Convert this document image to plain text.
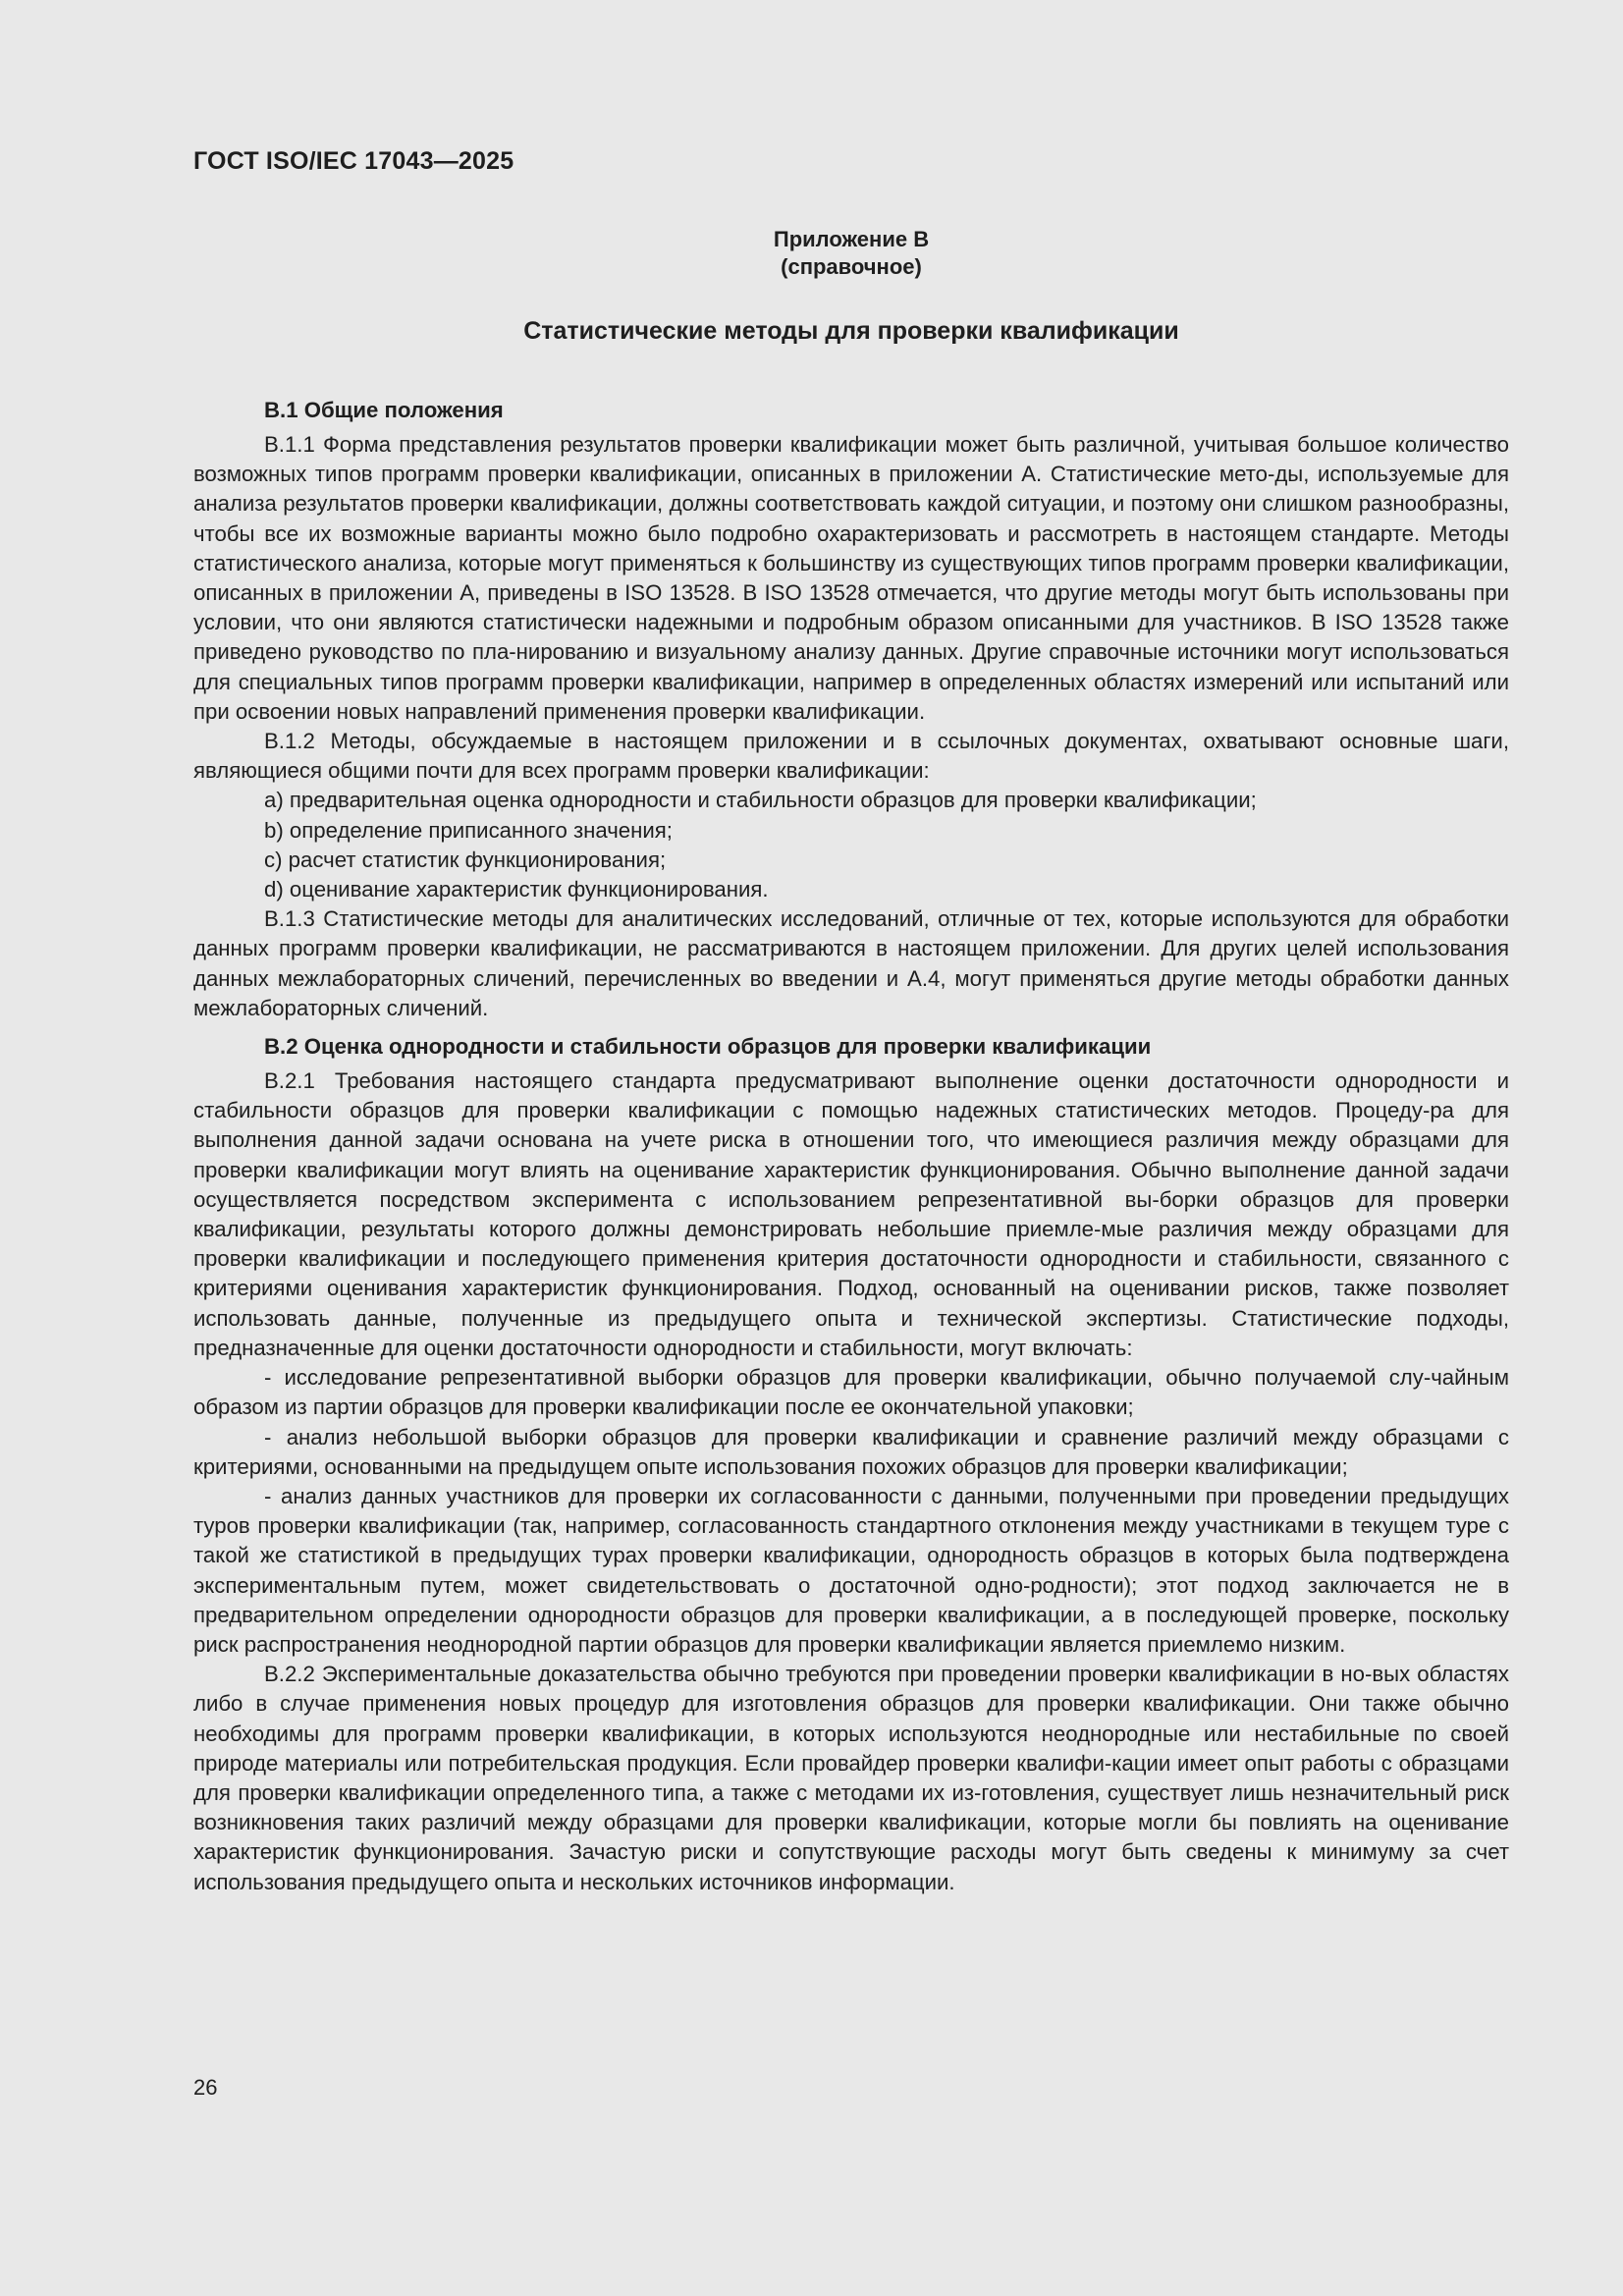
ГОСТ ISO/IEC 17043—2025
Приложение В
(справочное)
Статистические методы для проверки квалификации
В.1 Общие положения

В.1.1 Форма представления результатов проверки квалификации может быть различной, учитывая большое количество возможных типов программ проверки квалификации, описанных в приложении А. Статистические мето-ды, используемые для анализа результатов проверки квалификации, должны соответствовать каждой ситуации, и поэтому они слишком разнообразны, чтобы все их возможные варианты можно было подробно охарактеризовать и рассмотреть в настоящем стандарте. Методы статистического анализа, которые могут применяться к большинству из существующих типов программ проверки квалификации, описанных в приложении А, приведены в ISO 13528. В ISO 13528 отмечается, что другие методы могут быть использованы при условии, что они являются статистически надежными и подробным образом описанными для участников. В ISO 13528 также приведено руководство по пла-нированию и визуальному анализу данных. Другие справочные источники могут использоваться для специальных типов программ проверки квалификации, например в определенных областях измерений или испытаний или при освоении новых направлений применения проверки квалификации.

В.1.2 Методы, обсуждаемые в настоящем приложении и в ссылочных документах, охватывают основные шаги, являющиеся общими почти для всех программ проверки квалификации:

a) предварительная оценка однородности и стабильности образцов для проверки квалификации;

b) определение приписанного значения;

c) расчет статистик функционирования;

d) оценивание характеристик функционирования.

В.1.3 Статистические методы для аналитических исследований, отличные от тех, которые используются для обработки данных программ проверки квалификации, не рассматриваются в настоящем приложении. Для других целей использования данных межлабораторных сличений, перечисленных во введении и А.4, могут применяться другие методы обработки данных межлабораторных сличений.

В.2 Оценка однородности и стабильности образцов для проверки квалификации

В.2.1 Требования настоящего стандарта предусматривают выполнение оценки достаточности однородности и стабильности образцов для проверки квалификации с помощью надежных статистических методов. Процеду-ра для выполнения данной задачи основана на учете риска в отношении того, что имеющиеся различия между образцами для проверки квалификации могут влиять на оценивание характеристик функционирования. Обычно выполнение данной задачи осуществляется посредством эксперимента с использованием репрезентативной вы-борки образцов для проверки квалификации, результаты которого должны демонстрировать небольшие приемле-мые различия между образцами для проверки квалификации и последующего применения критерия достаточности однородности и стабильности, связанного с критериями оценивания характеристик функционирования. Подход, основанный на оценивании рисков, также позволяет использовать данные, полученные из предыдущего опыта и технической экспертизы. Статистические подходы, предназначенные для оценки достаточности однородности и стабильности, могут включать:

- исследование репрезентативной выборки образцов для проверки квалификации, обычно получаемой слу-чайным образом из партии образцов для проверки квалификации после ее окончательной упаковки;

- анализ небольшой выборки образцов для проверки квалификации и сравнение различий между образцами с критериями, основанными на предыдущем опыте использования похожих образцов для проверки квалификации;

- анализ данных участников для проверки их согласованности с данными, полученными при проведении предыдущих туров проверки квалификации (так, например, согласованность стандартного отклонения между участниками в текущем туре с такой же статистикой в предыдущих турах проверки квалификации, однородность образцов в которых была подтверждена экспериментальным путем, может свидетельствовать о достаточной одно-родности); этот подход заключается не в предварительном определении однородности образцов для проверки квалификации, а в последующей проверке, поскольку риск распространения неоднородной партии образцов для проверки квалификации является приемлемо низким.

В.2.2 Экспериментальные доказательства обычно требуются при проведении проверки квалификации в но-вых областях либо в случае применения новых процедур для изготовления образцов для проверки квалификации. Они также обычно необходимы для программ проверки квалификации, в которых используются неоднородные или нестабильные по своей природе материалы или потребительская продукция. Если провайдер проверки квалифи-кации имеет опыт работы с образцами для проверки квалификации определенного типа, а также с методами их из-готовления, существует лишь незначительный риск возникновения таких различий между образцами для проверки квалификации, которые могли бы повлиять на оценивание характеристик функционирования. Зачастую риски и сопутствующие расходы могут быть сведены к минимуму за счет использования предыдущего опыта и нескольких источников информации.

26
